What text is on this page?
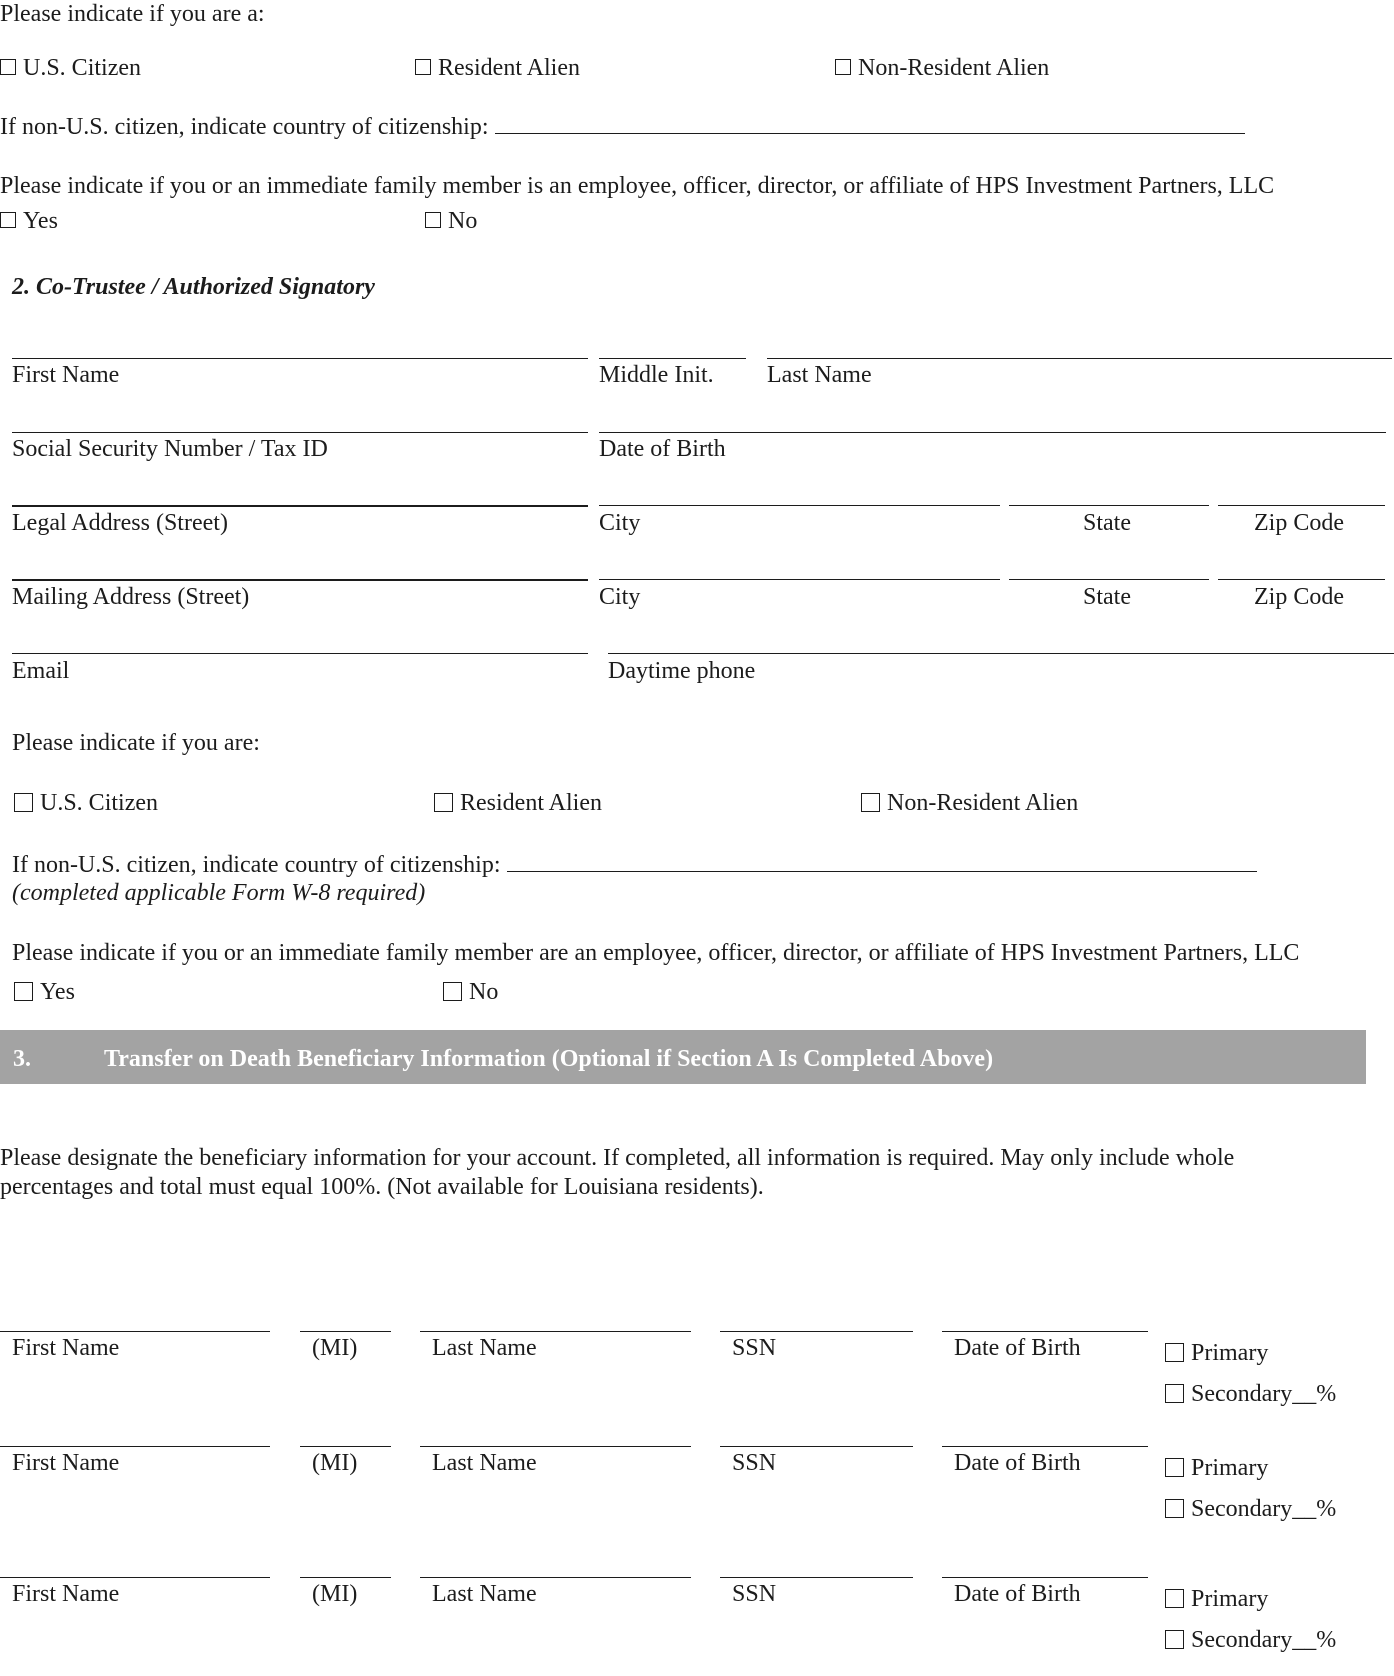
Please indicate if you are a:
U.S. Citizen	Resident Alien	Non-Resident Alien
If non-U.S. citizen, indicate country of citizenship:
Please indicate if you or an immediate family member is an employee, officer, director, or affiliate of HPS Investment Partners, LLC
Yes	No
2. Co-Trustee / Authorized Signatory
First Name	Middle Init. Last Name
Social Security Number / Tax ID	Date of Birth
Legal Address (Street)	City	State	Zip Code
Mailing Address (Street)	City	State	Zip Code
Email	Daytime phone
Please indicate if you are:
U.S. Citizen	Resident Alien	Non-Resident Alien
If non-U.S. citizen, indicate country of citizenship:
(completed applicable Form W-8 required)
Please indicate if you or an immediate family member are an employee, officer, director, or affiliate of HPS Investment Partners, LLC
Yes	No
3.	Transfer on Death Beneficiary Information (Optional if Section A Is Completed Above)
Please designate the beneficiary information for your account. If completed, all information is required. May only include whole
percentages and total must equal 100%. (Not available for Louisiana residents).
First Name	(MI)	Last Name	SSN	Date of Birth	Primary
Secondary__%
First Name	(MI)	Last Name	SSN	Date of Birth	Primary
Secondary__%
First Name	(MI)	Last Name	SSN	Date of Birth	Primary
Secondary__%
